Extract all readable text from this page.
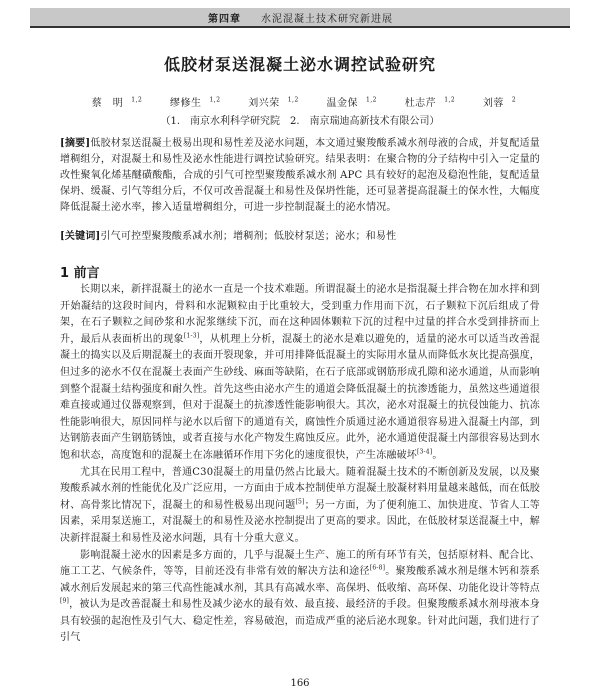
第四章 水泥混凝土技术研究新进展
低胶材泵送混凝土泌水调控试验研究
蔡　明 $^{1,2}$	缪修生 $^{1,2}$	刘兴荣 $^{1,2}$	温金保 $^{1,2}$	杜志芹 $^{1,2}$	刘蓉 $^2$
（1.　南京水利科学研究院　2.　南京瑞迪高新技术有限公司）
[摘要]低胶材泵送混凝土极易出现和易性差及泌水问题，本文通过聚羧酸系减水剂母液的合成，并复配适量增稠组分，对混凝土和易性及泌水性能进行调控试验研究。结果表明：在聚合物的分子结构中引入一定量的改性聚氧化烯基醚磺酸酯，合成的引气可控型聚羧酸系减水剂 APC 具有较好的起泡及稳泡性能，复配适量保坍、缓凝、引气等组分后，不仅可改善混凝土和易性及保坍性能，还可显著提高混凝土的保水性，大幅度降低混凝土泌水率，掺入适量增稠组分，可进一步控制混凝土的泌水情况。
[关键词]引气可控型聚羧酸系减水剂；增稠剂；低胶材泵送；泌水；和易性
1 前言

长期以来，新拌混凝土的泌水一直是一个技术难题。所谓混凝土的泌水是指混凝土拌合物在加水拌和到开始凝结的这段时间内，骨料和水泥颗粒由于比重较大，受到重力作用而下沉，石子颗粒下沉后组成了骨架，在石子颗粒之间砂浆和水泥浆继续下沉，而在这种固体颗粒下沉的过程中过量的拌合水受到排挤而上升，最后从表面析出的现象[1-3]，从机理上分析，混凝土的泌水是难以避免的，适量的泌水可以适当改善混凝土的捣实以及后期混凝土的表面开裂现象，并可用排降低混凝土的实际用水量从而降低水灰比提高强度，但过多的泌水不仅在混凝土表面产生砂线、麻面等缺陷，在石子底部或钢筋形成孔隙和泌水通道，从而影响到整个混凝土结构强度和耐久性。首先这些由泌水产生的通道会降低混凝土的抗渗透能力，虽然这些通道很难直接或通过仪器观察到，但对于混凝土的抗渗透性能影响很大。其次，泌水对混凝土的抗侵蚀能力、抗冻性能影响很大，原因同样与泌水以后留下的通道有关，腐蚀性介质通过泌水通道很容易进入混凝土内部，到达钢筋表面产生钢筋锈蚀，或者直接与水化产物发生腐蚀反应。此外，泌水通道使混凝土内部很容易达到水饱和状态，高度饱和的混凝土在冻融循环作用下劣化的速度很快，产生冻融破坏[3-4]。

尤其在民用工程中，普通C30混凝土的用量仍然占比最大。随着混凝土技术的不断创新及发展，以及聚羧酸系减水剂的性能优化及广泛应用，一方面由于成本控制使单方混凝土胶凝材料用量越来越低，而在低胶材、高骨浆比情况下，混凝土的和易性极易出现问题[5]；另一方面，为了便利施工、加快进度、节省人工等因素，采用泵送施工，对混凝土的和易性及泌水控制提出了更高的要求。因此，在低胶材泵送混凝土中，解决新拌混凝土和易性及泌水问题，具有十分重大意义。

影响混凝土泌水的因素是多方面的，几乎与混凝土生产、施工的所有环节有关，包括原材料、配合比、施工工艺、气候条件，等等，目前还没有非常有效的解决方法和途径[6-8]。聚羧酸系减水剂是继木钙和萘系减水剂后发展起来的第三代高性能减水剂，其具有高减水率、高保坍、低收缩、高环保、功能化设计等特点[9]，被认为是改善混凝土和易性及减少泌水的最有效、最直接、最经济的手段。但聚羧酸系减水剂母液本身具有较强的起泡性及引气大、稳定性差，容易破泡，而造成严重的泌后泌水现象。针对此问题，我们进行了引气

166
